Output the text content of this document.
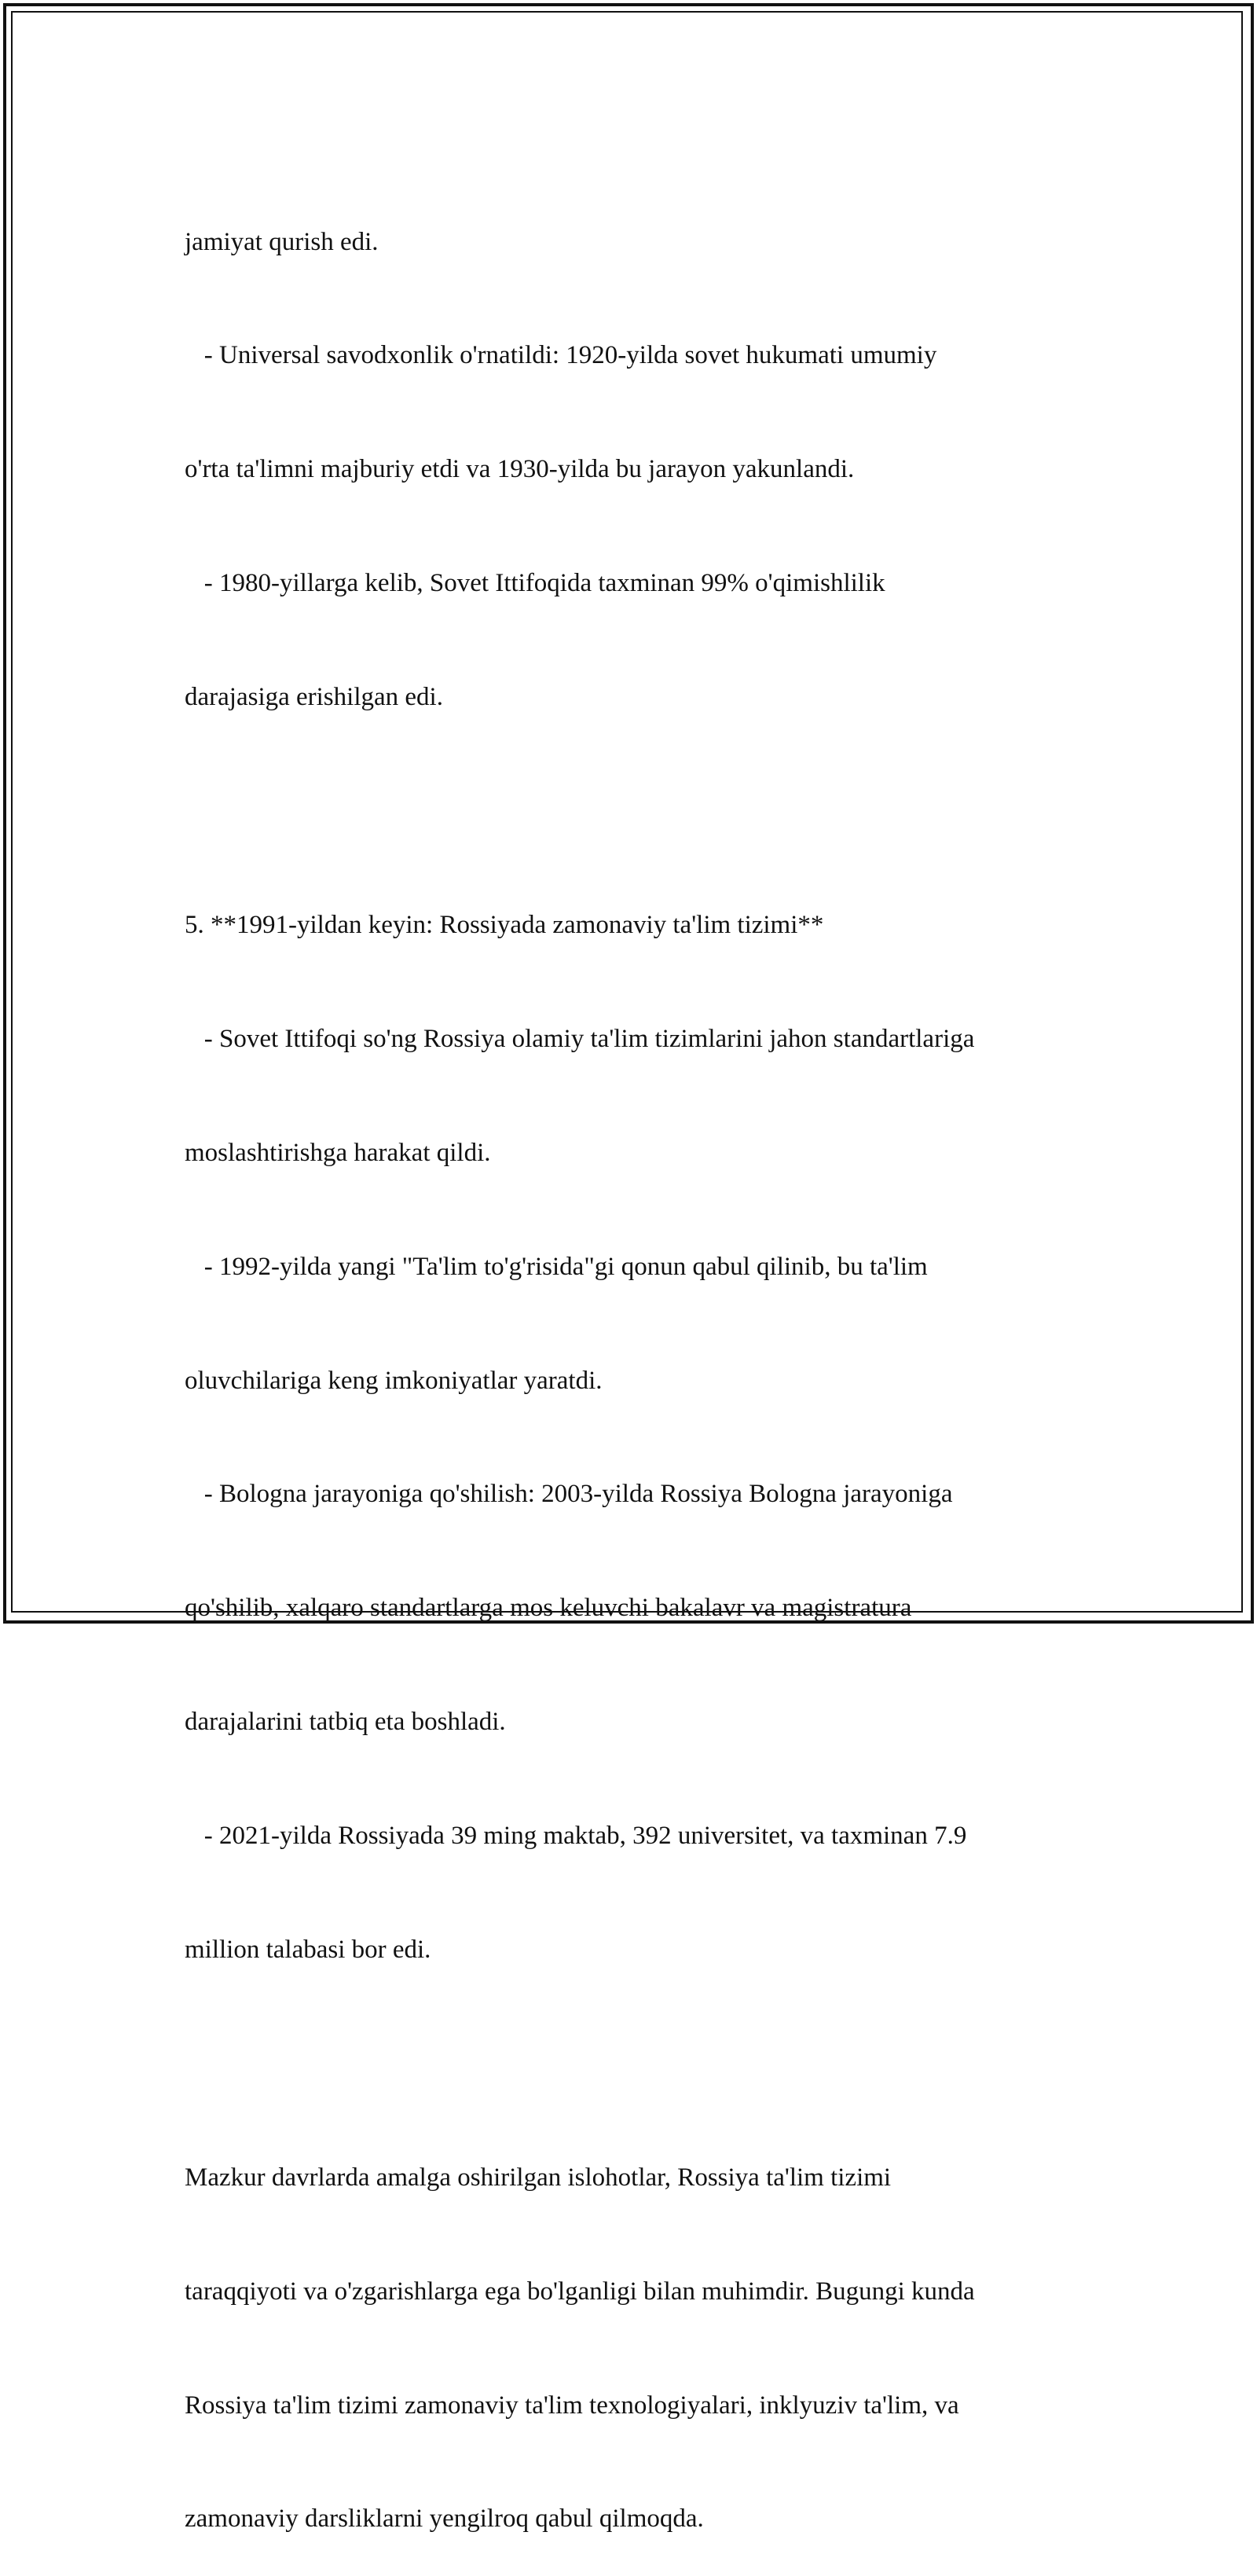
jamiyat qurish edi.

- Universal savodxonlik o'rnatildi: 1920-yilda sovet hukumati umumiy

o'rta ta'limni majburiy etdi va 1930-yilda bu jarayon yakunlandi.

- 1980-yillarga kelib, Sovet Ittifoqida taxminan 99% o'qimishlilik

darajasiga erishilgan edi.

5. **1991-yildan keyin: Rossiyada zamonaviy ta'lim tizimi**

- Sovet Ittifoqi so'ng Rossiya olamiy ta'lim tizimlarini jahon standartlariga

moslashtirishga harakat qildi.

- 1992-yilda yangi "Ta'lim to'g'risida"gi qonun qabul qilinib, bu ta'lim

oluvchilariga keng imkoniyatlar yaratdi.

- Bologna jarayoniga qo'shilish: 2003-yilda Rossiya Bologna jarayoniga

qo'shilib, xalqaro standartlarga mos keluvchi bakalavr va magistratura

darajalarini tatbiq eta boshladi.

- 2021-yilda Rossiyada 39 ming maktab, 392 universitet, va taxminan 7.9

million talabasi bor edi.

Mazkur davrlarda amalga oshirilgan islohotlar, Rossiya ta'lim tizimi

taraqqiyoti va o'zgarishlarga ega bo'lganligi bilan muhimdir. Bugungi kunda

Rossiya ta'lim tizimi zamonaviy ta'lim texnologiyalari, inklyuziv ta'lim, va

zamonaviy darsliklarni yengilroq qabul qilmoqda.
